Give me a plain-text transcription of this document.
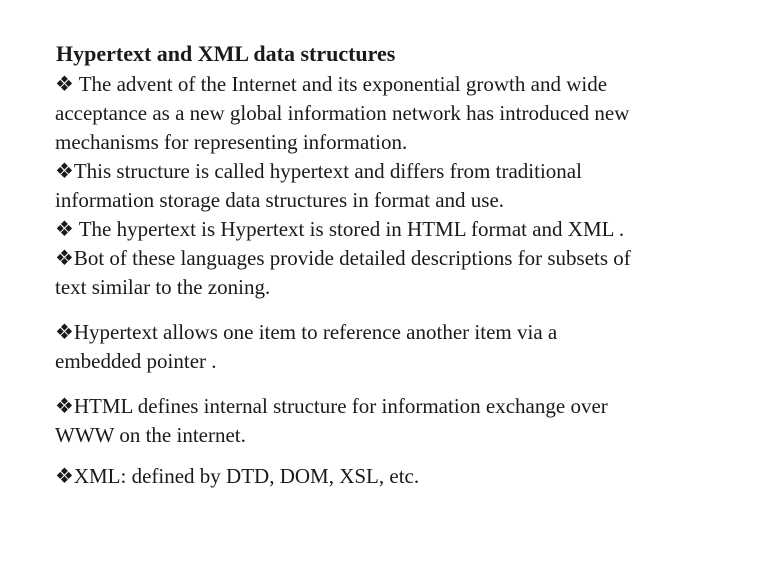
Hypertext and XML data structures
❖ The advent of the Internet and its exponential growth and wide
acceptance as a new global information network has introduced new
mechanisms for representing information.
❖This structure is called hypertext and differs from traditional
information storage data structures in format and use.
❖ The hypertext is Hypertext is stored in HTML format and XML .
❖Bot of these languages provide detailed descriptions for subsets of
text similar to the zoning.
❖Hypertext allows one item to reference another item via a
embedded pointer .
❖HTML defines internal structure for information exchange over
WWW on the internet.
❖XML: defined by DTD, DOM, XSL, etc.
